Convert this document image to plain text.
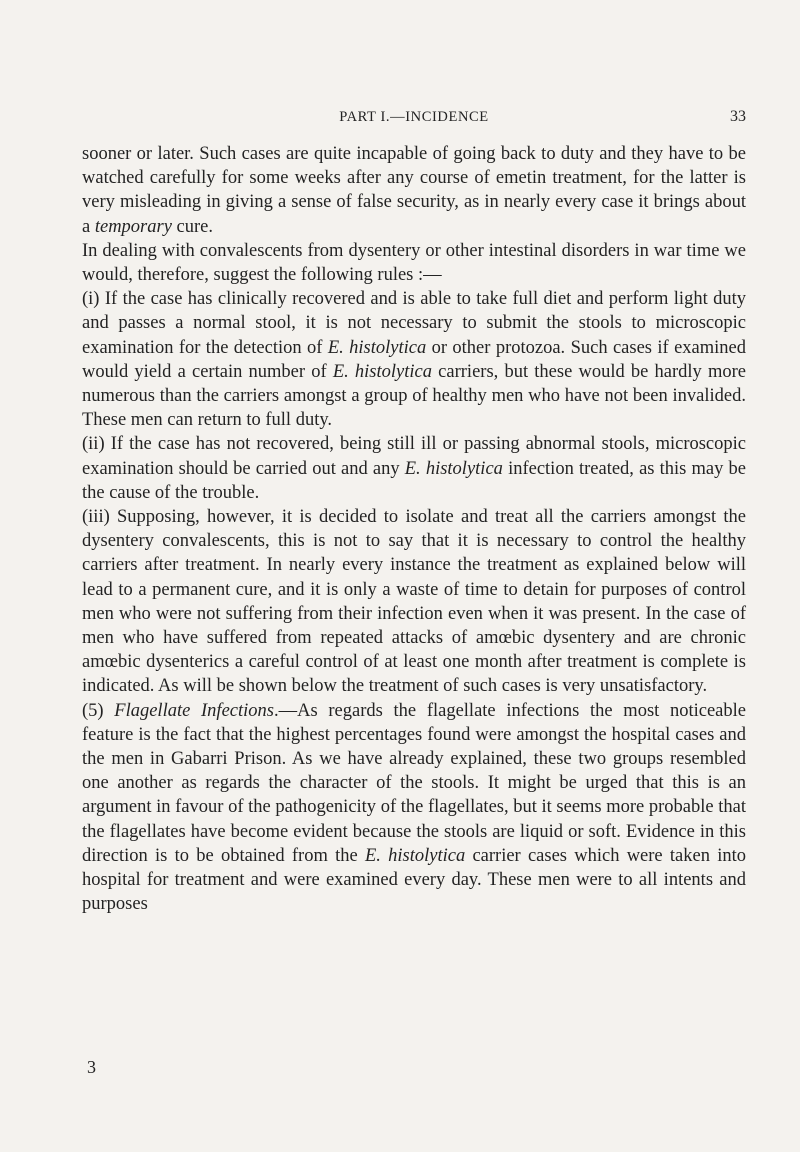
PART I.—INCIDENCE	33

sooner or later. Such cases are quite incapable of going back to duty and they have to be watched carefully for some weeks after any course of emetin treatment, for the latter is very misleading in giving a sense of false security, as in nearly every case it brings about a temporary cure.

In dealing with convalescents from dysentery or other intestinal disorders in war time we would, therefore, suggest the following rules :—

(i) If the case has clinically recovered and is able to take full diet and perform light duty and passes a normal stool, it is not necessary to submit the stools to microscopic examination for the detection of E. histolytica or other protozoa. Such cases if examined would yield a certain number of E. histolytica carriers, but these would be hardly more numerous than the carriers amongst a group of healthy men who have not been invalided. These men can return to full duty.

(ii) If the case has not recovered, being still ill or passing abnormal stools, microscopic examination should be carried out and any E. histolytica infection treated, as this may be the cause of the trouble.

(iii) Supposing, however, it is decided to isolate and treat all the carriers amongst the dysentery convalescents, this is not to say that it is necessary to control the healthy carriers after treatment. In nearly every instance the treatment as explained below will lead to a permanent cure, and it is only a waste of time to detain for purposes of control men who were not suffering from their infection even when it was present. In the case of men who have suffered from repeated attacks of amœbic dysentery and are chronic amœbic dysenterics a careful control of at least one month after treatment is complete is indicated. As will be shown below the treatment of such cases is very unsatisfactory.

(5) Flagellate Infections.—As regards the flagellate infections the most noticeable feature is the fact that the highest percentages found were amongst the hospital cases and the men in Gabarri Prison. As we have already explained, these two groups resembled one another as regards the character of the stools. It might be urged that this is an argument in favour of the pathogenicity of the flagellates, but it seems more probable that the flagellates have become evident because the stools are liquid or soft. Evidence in this direction is to be obtained from the E. histolytica carrier cases which were taken into hospital for treatment and were examined every day. These men were to all intents and purposes

3
